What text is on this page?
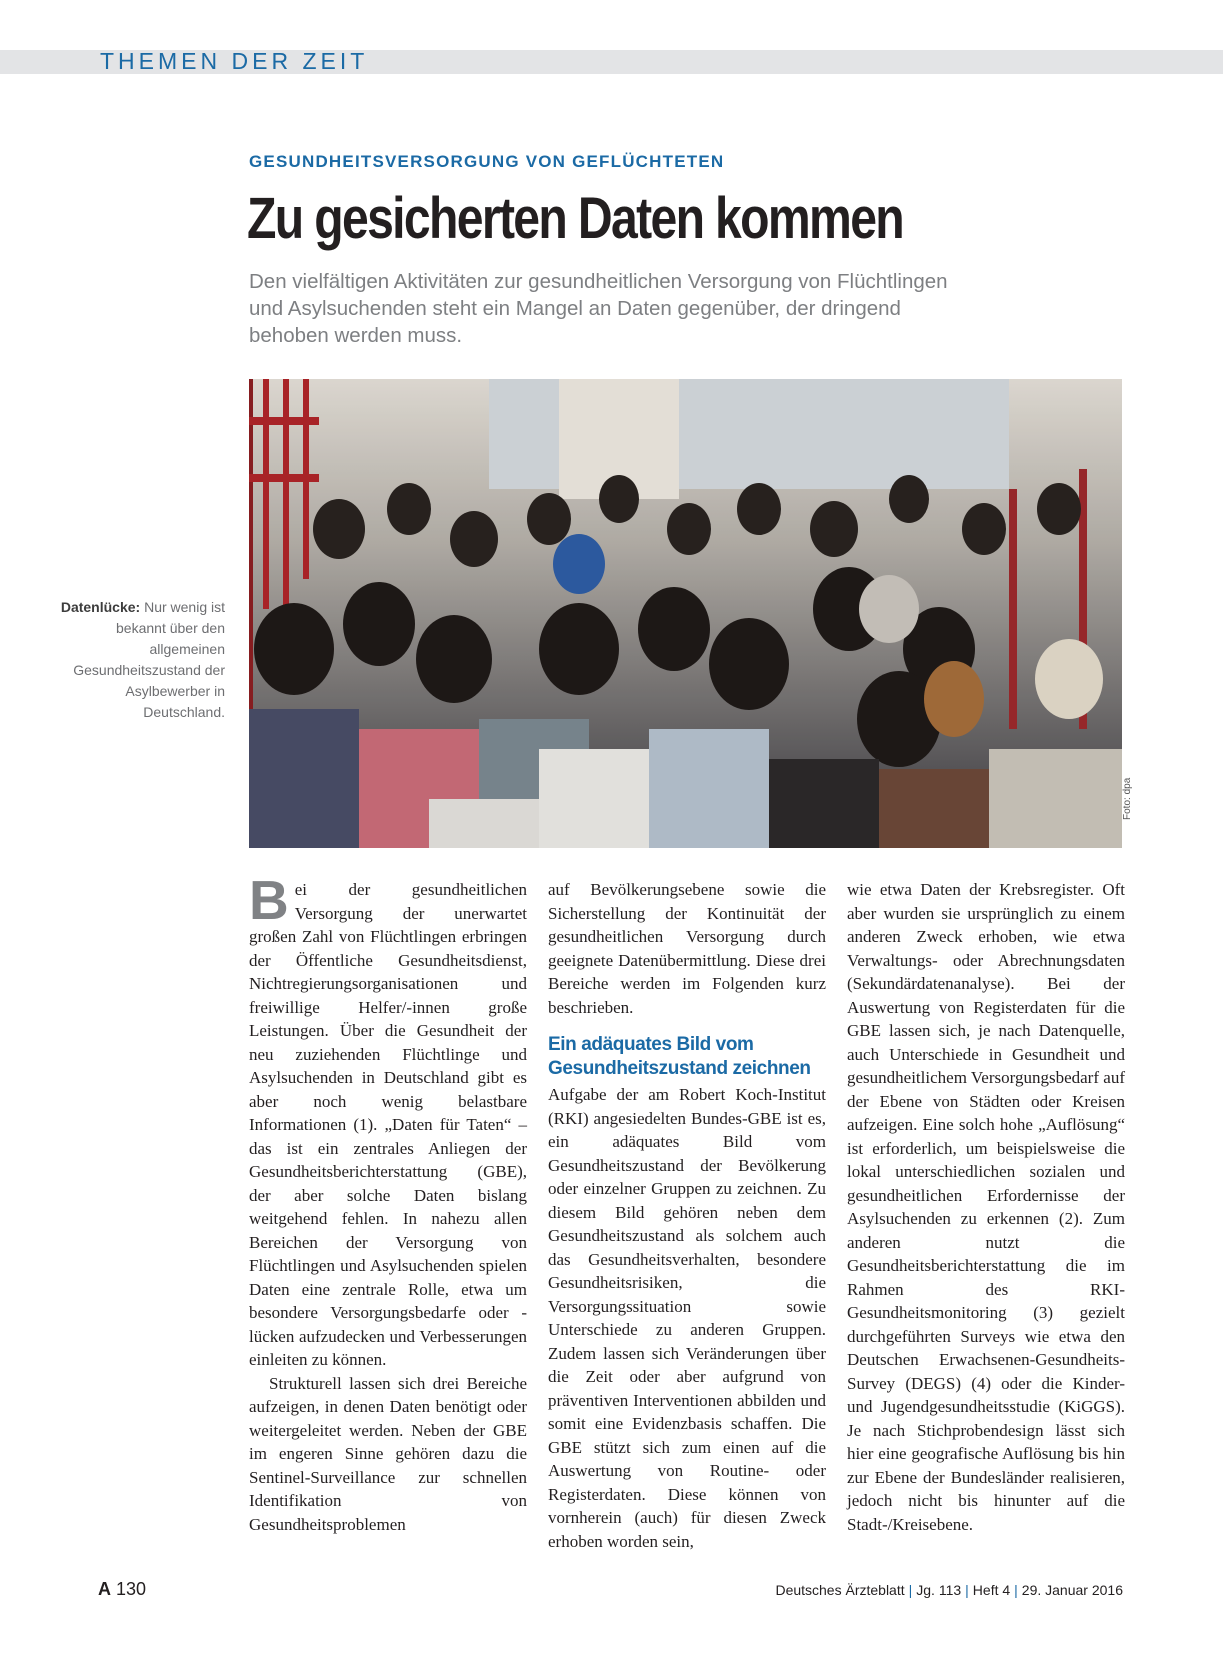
THEMEN DER ZEIT
GESUNDHEITSVERSORGUNG VON GEFLÜCHTETEN
Zu gesicherten Daten kommen
Den vielfältigen Aktivitäten zur gesundheitlichen Versorgung von Flüchtlingen
und Asylsuchenden steht ein Mangel an Daten gegenüber, der dringend
behoben werden muss.
Foto: dpa
Datenlücke: Nur wenig ist bekannt über den allgemeinen Gesundheitszustand der Asylbewerber in Deutschland.

Bei der gesundheitlichen Versorgung der unerwartet großen Zahl von Flüchtlingen erbringen der Öffentliche Gesundheitsdienst, Nichtregierungsorganisationen und freiwillige Helfer/-innen große Leistungen. Über die Gesundheit der neu zuziehenden Flüchtlinge und Asylsuchenden in Deutschland gibt es aber noch wenig belastbare Informationen (1). „Daten für Taten“ – das ist ein zentrales Anliegen der Gesundheitsberichterstattung (GBE), der aber solche Daten bislang weitgehend fehlen. In nahezu allen Bereichen der Versorgung von Flüchtlingen und Asylsuchenden spielen Daten eine zentrale Rolle, etwa um besondere Versorgungsbedarfe oder -lücken aufzudecken und Verbesserungen einleiten zu können.

Strukturell lassen sich drei Bereiche aufzeigen, in denen Daten benötigt oder weitergeleitet werden. Neben der GBE im engeren Sinne gehören dazu die Sentinel-Surveillance zur schnellen Identifikation von Gesundheitsproblemen

auf Bevölkerungsebene sowie die Sicherstellung der Kontinuität der gesundheitlichen Versorgung durch geeignete Datenübermittlung. Diese drei Bereiche werden im Folgenden kurz beschrieben.

Ein adäquates Bild vom Gesundheitszustand zeichnen

Aufgabe der am Robert Koch-Institut (RKI) angesiedelten Bundes-GBE ist es, ein adäquates Bild vom Gesundheitszustand der Bevölkerung oder einzelner Gruppen zu zeichnen. Zu diesem Bild gehören neben dem Gesundheitszustand als solchem auch das Gesundheitsverhalten, besondere Gesundheitsrisiken, die Versorgungssituation sowie Unterschiede zu anderen Gruppen. Zudem lassen sich Veränderungen über die Zeit oder aber aufgrund von präventiven Interventionen abbilden und somit eine Evidenzbasis schaffen. Die GBE stützt sich zum einen auf die Auswertung von Routine- oder Registerdaten. Diese können von vornherein (auch) für diesen Zweck erhoben worden sein,

wie etwa Daten der Krebsregister. Oft aber wurden sie ursprünglich zu einem anderen Zweck erhoben, wie etwa Verwaltungs- oder Abrechnungsdaten (Sekundärdatenanalyse). Bei der Auswertung von Registerdaten für die GBE lassen sich, je nach Datenquelle, auch Unterschiede in Gesundheit und gesundheitlichem Versorgungsbedarf auf der Ebene von Städten oder Kreisen aufzeigen. Eine solch hohe „Auflösung“ ist erforderlich, um beispielsweise die lokal unterschiedlichen sozialen und gesundheitlichen Erfordernisse der Asylsuchenden zu erkennen (2). Zum anderen nutzt die Gesundheitsberichterstattung die im Rahmen des RKI-Gesundheitsmonitoring (3) gezielt durchgeführten Surveys wie etwa den Deutschen Erwachsenen-Gesundheits-Survey (DEGS) (4) oder die Kinder- und Jugendgesundheitsstudie (KiGGS). Je nach Stichprobendesign lässt sich hier eine geografische Auflösung bis hin zur Ebene der Bundesländer realisieren, jedoch nicht bis hinunter auf die Stadt-/Kreisebene.

A 130	Deutsches Ärzteblatt | Jg. 113 | Heft 4 | 29. Januar 2016
